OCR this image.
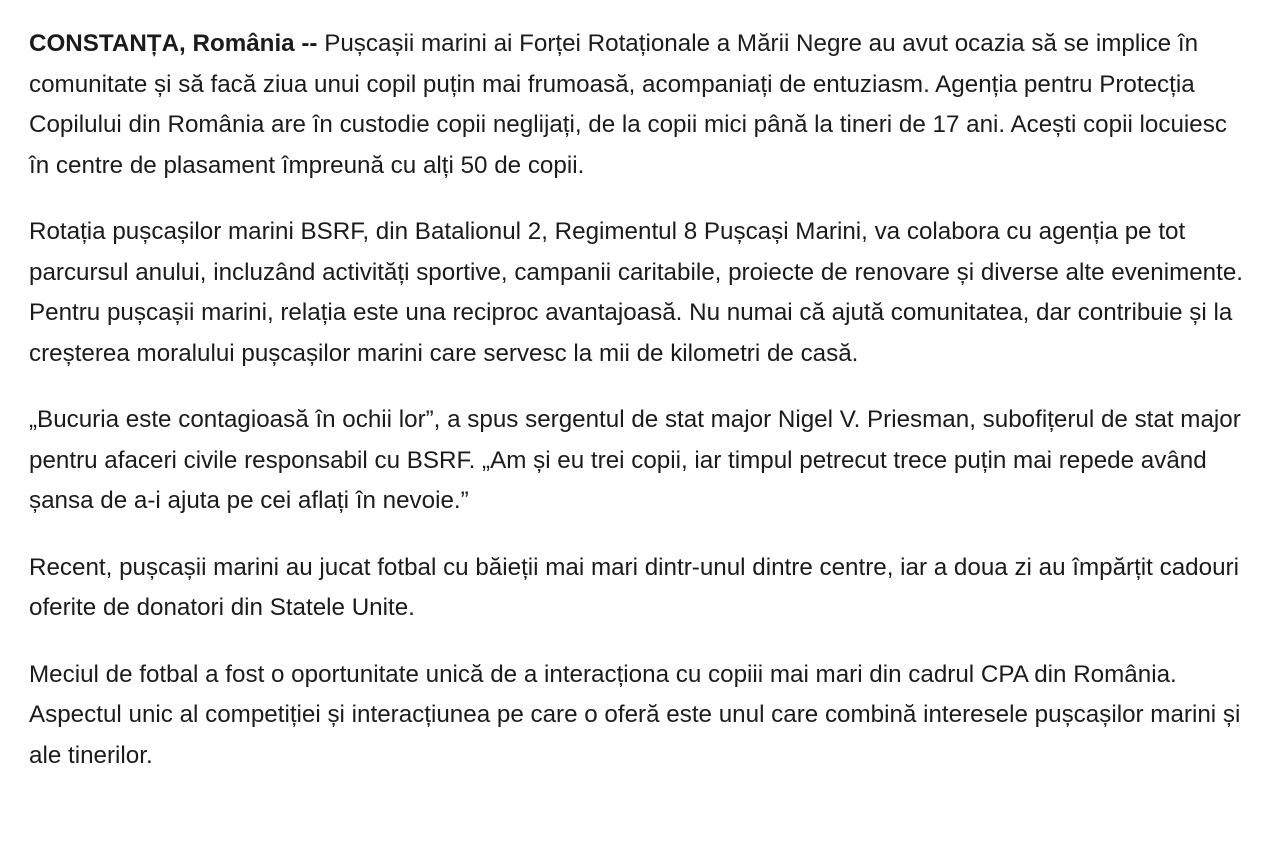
CONSTANȚA, România -- Pușcașii marini ai Forței Rotaționale a Mării Negre au avut ocazia să se implice în comunitate și să facă ziua unui copil puțin mai frumoasă, acompaniați de entuziasm. Agenția pentru Protecția Copilului din România are în custodie copii neglijați, de la copii mici până la tineri de 17 ani. Acești copii locuiesc în centre de plasament împreună cu alți 50 de copii.

Rotația pușcașilor marini BSRF, din Batalionul 2, Regimentul 8 Pușcași Marini, va colabora cu agenția pe tot parcursul anului, incluzând activități sportive, campanii caritabile, proiecte de renovare și diverse alte evenimente. Pentru pușcașii marini, relația este una reciproc avantajoasă. Nu numai că ajută comunitatea, dar contribuie și la creșterea moralului pușcașilor marini care servesc la mii de kilometri de casă.

„Bucuria este contagioasă în ochii lor”, a spus sergentul de stat major Nigel V. Priesman, subofițerul de stat major pentru afaceri civile responsabil cu BSRF. „Am și eu trei copii, iar timpul petrecut trece puțin mai repede având șansa de a-i ajuta pe cei aflați în nevoie.”

Recent, pușcașii marini au jucat fotbal cu băieții mai mari dintr-unul dintre centre, iar a doua zi au împărțit cadouri oferite de donatori din Statele Unite.

Meciul de fotbal a fost o oportunitate unică de a interacționa cu copiii mai mari din cadrul CPA din România. Aspectul unic al competiției și interacțiunea pe care o oferă este unul care combină interesele pușcașilor marini și ale tinerilor.
